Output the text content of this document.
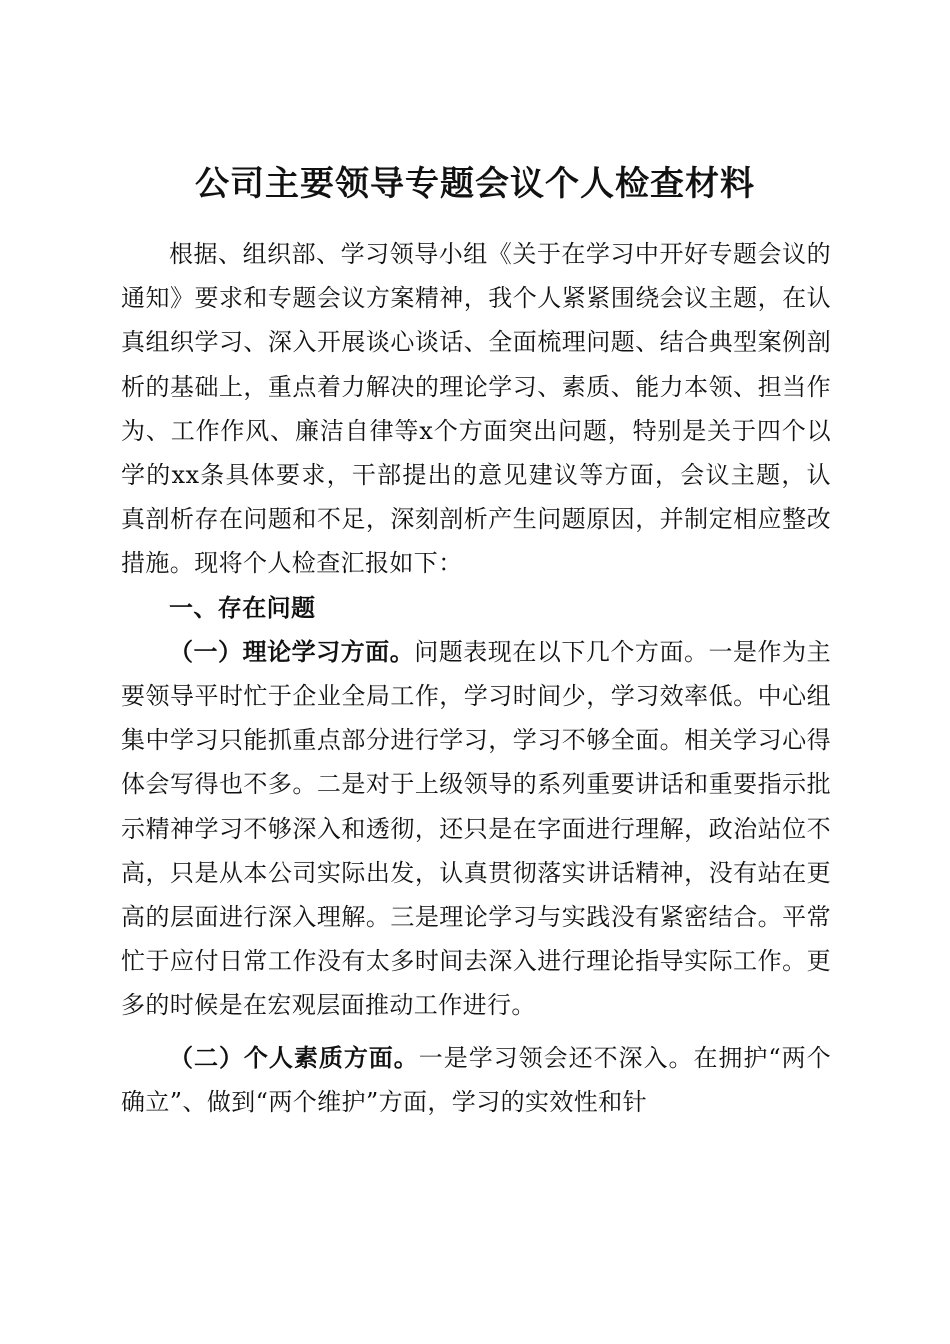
公司主要领导专题会议个人检查材料

根据、组织部、学习领导小组《关于在学习中开好专题会议的通知》要求和专题会议方案精神，我个人紧紧围绕会议主题，在认真组织学习、深入开展谈心谈话、全面梳理问题、结合典型案例剖析的基础上，重点着力解决的理论学习、素质、能力本领、担当作为、工作作风、廉洁自律等x个方面突出问题，特别是关于四个以学的xx条具体要求，干部提出的意见建议等方面，会议主题，认真剖析存在问题和不足，深刻剖析产生问题原因，并制定相应整改措施。现将个人检查汇报如下：

一、存在问题

（一）理论学习方面。问题表现在以下几个方面。一是作为主要领导平时忙于企业全局工作，学习时间少，学习效率低。中心组集中学习只能抓重点部分进行学习，学习不够全面。相关学习心得体会写得也不多。二是对于上级领导的系列重要讲话和重要指示批示精神学习不够深入和透彻，还只是在字面进行理解，政治站位不高，只是从本公司实际出发，认真贯彻落实讲话精神，没有站在更高的层面进行深入理解。三是理论学习与实践没有紧密结合。平常忙于应付日常工作没有太多时间去深入进行理论指导实际工作。更多的时候是在宏观层面推动工作进行。

（二）个人素质方面。一是学习领会还不深入。在拥护“两个确立”、做到“两个维护”方面，学习的实效性和针
